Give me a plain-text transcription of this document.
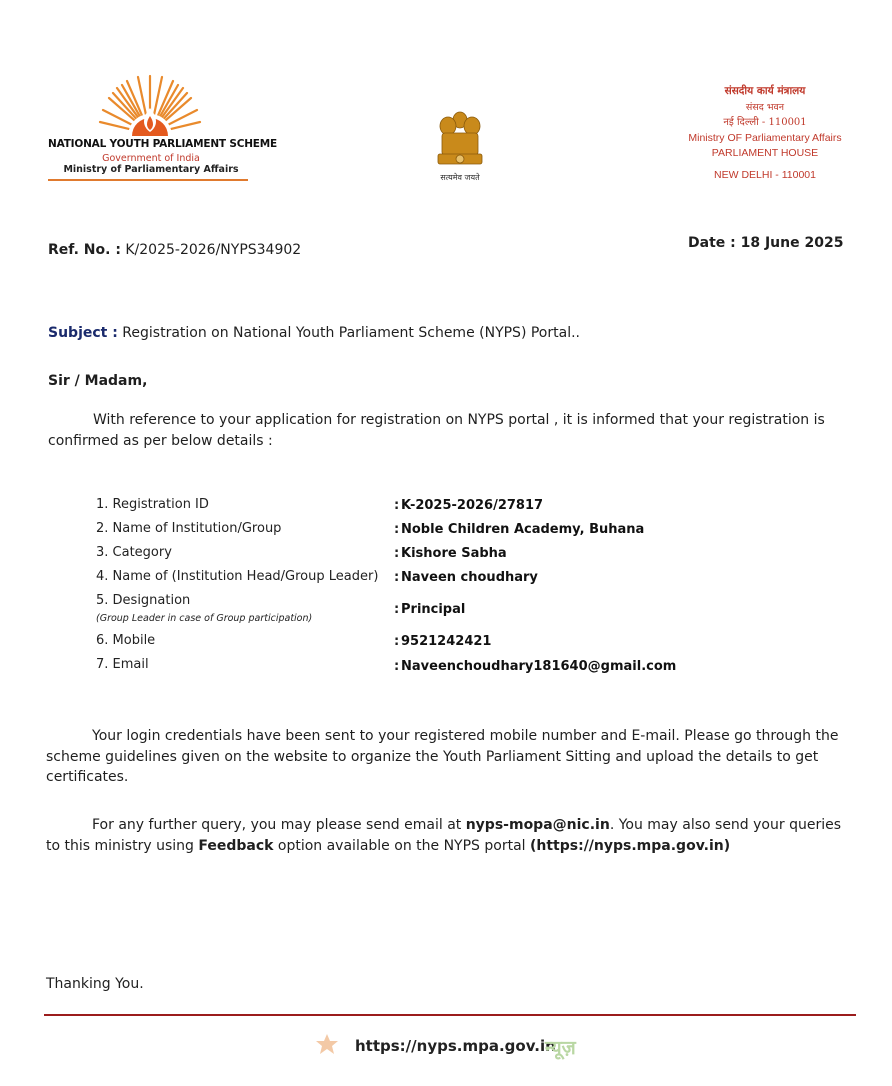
NATIONAL YOUTH PARLIAMENT SCHEME
Government of India
Ministry of Parliamentary Affairs
सत्यमेव जयते
संसदीय कार्य मंत्रालय
संसद भवन
नई दिल्ली - 110001
Ministry OF Parliamentary Affairs
PARLIAMENT HOUSE
NEW DELHI - 110001
Ref. No. : K/2025-2026/NYPS34902	Date : 18 June 2025
Subject : Registration on National Youth Parliament Scheme (NYPS) Portal..
Sir / Madam,
With reference to your application for registration on NYPS portal , it is informed that your registration is confirmed as per below details :
1. Registration ID	: K-2025-2026/27817
2. Name of Institution/Group	: Noble Children Academy, Buhana
3. Category	: Kishore Sabha
4. Name of (Institution Head/Group Leader) : Naveen choudhary
5. Designation
(Group Leader in case of Group participation)
: Principal
6. Mobile	: 9521242421
7. Email	: Naveenchoudhary181640@gmail.com
Your login credentials have been sent to your registered mobile number and E-mail. Please go through the scheme guidelines given on the website to organize the Youth Parliament Sitting and upload the details to get certificates.
For any further query, you may please send email at nyps-mopa@nic.in. You may also send your queries to this ministry using Feedback option available on the NYPS portal (https://nyps.mpa.gov.in)
Thanking You.
https://nyps.mpa.gov.in
न्यूज़
